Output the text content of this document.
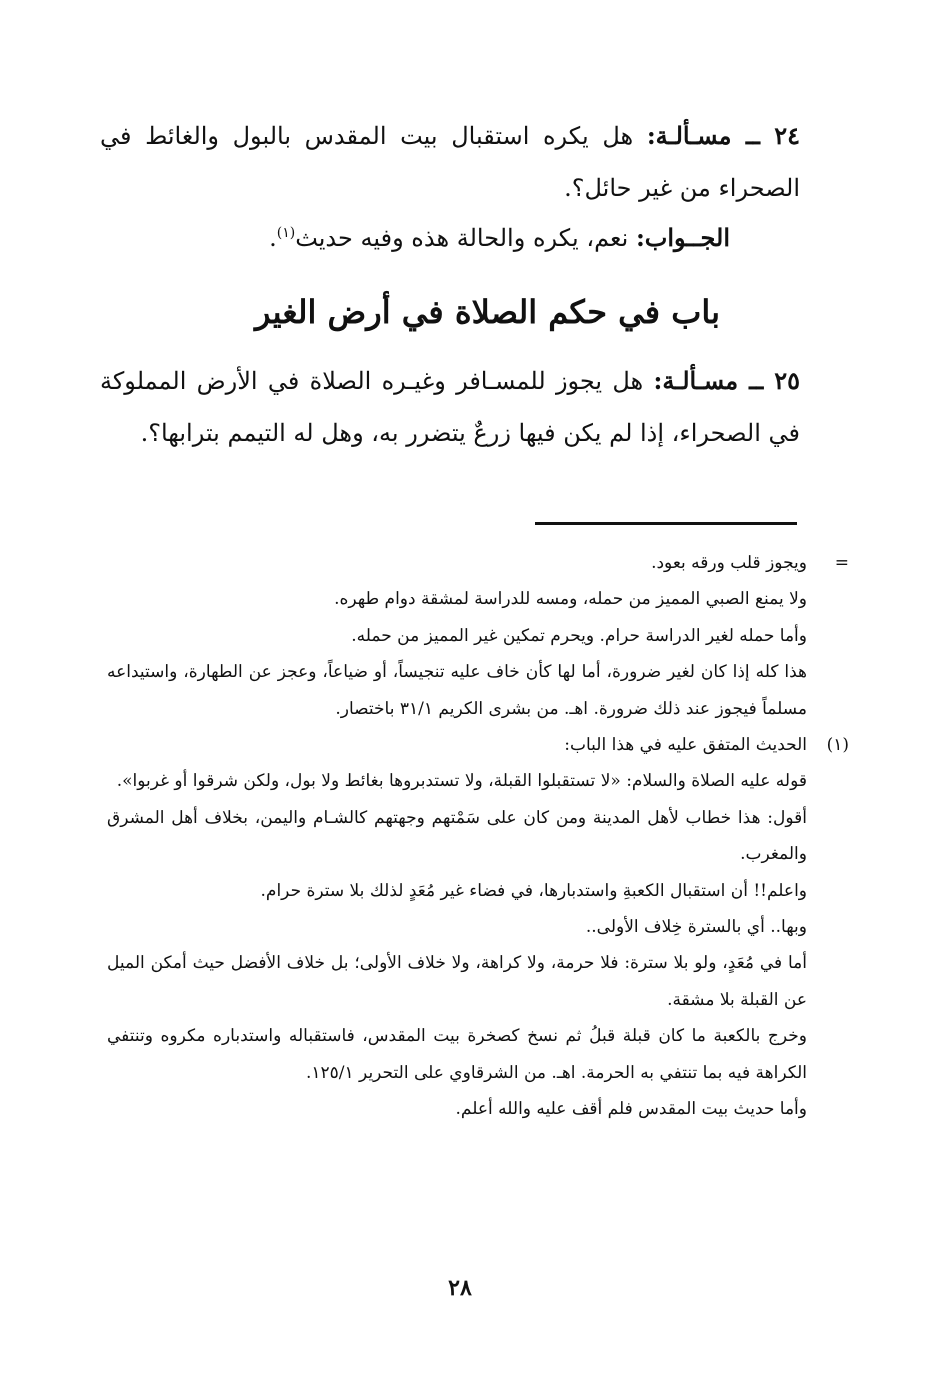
٢٤ ــ مسـألـة: هل يكره استقبال بيت المقدس بالبول والغائط في الصحراء من غير حائل؟.

الجــواب: نعم، يكره والحالة هذه وفيه حديث$^{(١)}$.

باب في حكم الصلاة في أرض الغير

٢٥ ــ مسـألـة: هل يجوز للمسـافر وغيـره الصلاة في الأرض المملوكة في الصحراء، إذا لم يكن فيها زرعٌ يتضرر به، وهل له التيمم بترابها؟.

=
ويجوز قلب ورقه بعود.

ولا يمنع الصبي المميز من حمله، ومسه للدراسة لمشقة دوام طهره.

وأما حمله لغير الدراسة حرام. ويحرم تمكين غير المميز من حمله.

هذا كله إذا كان لغير ضرورة، أما لها كأن خاف عليه تنجيساً، أو ضياعاً، وعجز عن الطهارة، واستيداعه مسلماً فيجوز عند ذلك ضرورة. اهـ. من بشرى الكريم ٣١/١ باختصار.

(١)
الحديث المتفق عليه في هذا الباب:

قوله عليه الصلاة والسلام: «لا تستقبلوا القبلة، ولا تستدبروها بغائط ولا بول، ولكن شرقوا أو غربوا».

أقول: هذا خطاب لأهل المدينة ومن كان على سَمْتهم وجهتهم كالشـام واليمن، بخلاف أهل المشرق والمغرب.

واعلم!! أن استقبال الكعبةِ واستدبارها، في فضاء غير مُعَدٍ لذلك بلا سترة حرام.

وبها.. أي بالسترة خِلاف الأولى..

أما في مُعَدٍ، ولو بلا سترة: فلا حرمة، ولا كراهة، ولا خلاف الأولى؛ بل خلاف الأفضل حيث أمكن الميل عن القبلة بلا مشقة.

وخرج بالكعبة ما كان قبلة قبلُ ثم نسخ كصخرة بيت المقدس، فاستقباله واستدباره مكروه وتنتفي الكراهة فيه بما تنتفي به الحرمة. اهـ. من الشرقاوي على التحرير ١٢٥/١.

وأما حديث بيت المقدس فلم أقف عليه والله أعلم.

٢٨
